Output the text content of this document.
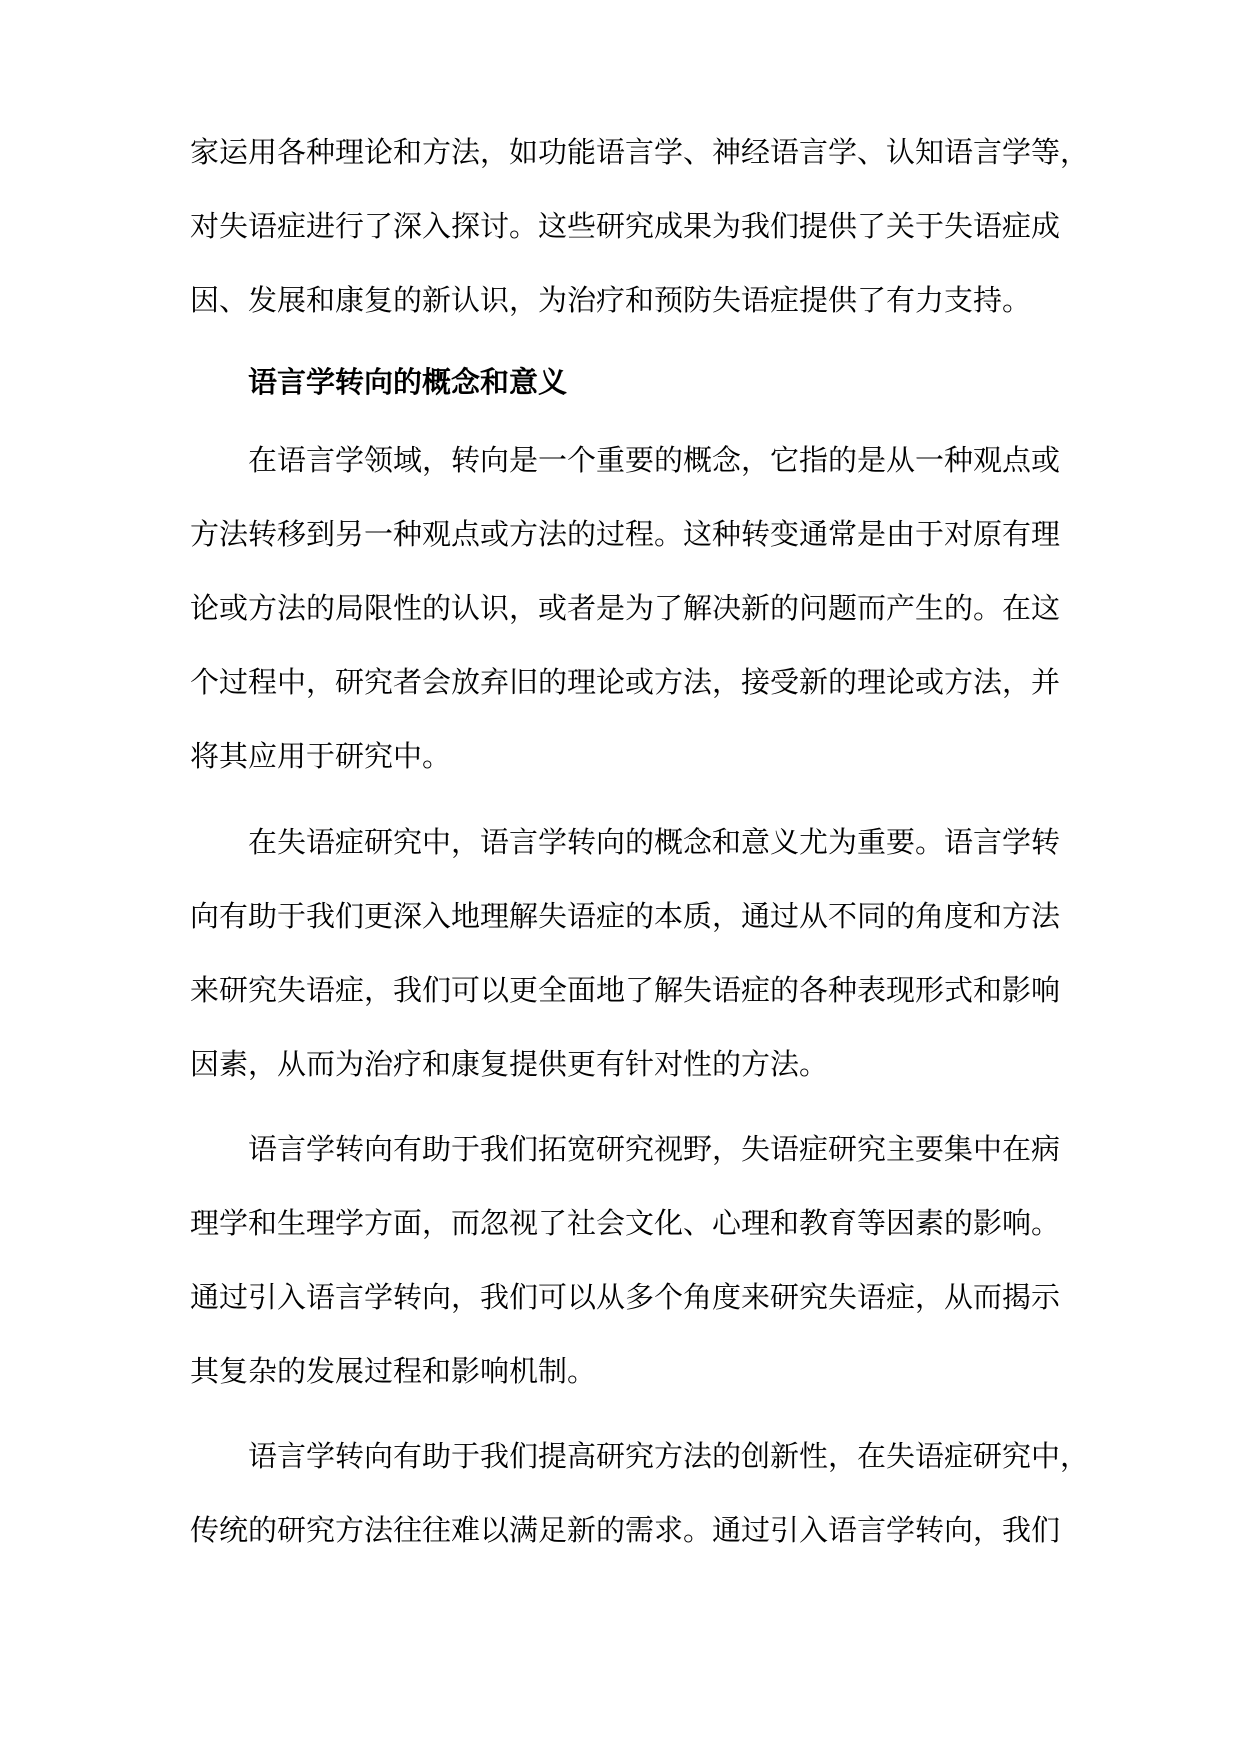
家运用各种理论和方法，如功能语言学、神经语言学、认知语言学等，
对失语症进行了深入探讨。这些研究成果为我们提供了关于失语症成
因、发展和康复的新认识，为治疗和预防失语症提供了有力支持。
语言学转向的概念和意义
在语言学领域，转向是一个重要的概念，它指的是从一种观点或
方法转移到另一种观点或方法的过程。这种转变通常是由于对原有理
论或方法的局限性的认识，或者是为了解决新的问题而产生的。在这
个过程中，研究者会放弃旧的理论或方法，接受新的理论或方法，并
将其应用于研究中。
在失语症研究中，语言学转向的概念和意义尤为重要。语言学转
向有助于我们更深入地理解失语症的本质，通过从不同的角度和方法
来研究失语症，我们可以更全面地了解失语症的各种表现形式和影响
因素，从而为治疗和康复提供更有针对性的方法。
语言学转向有助于我们拓宽研究视野，失语症研究主要集中在病
理学和生理学方面，而忽视了社会文化、心理和教育等因素的影响。
通过引入语言学转向，我们可以从多个角度来研究失语症，从而揭示
其复杂的发展过程和影响机制。
语言学转向有助于我们提高研究方法的创新性，在失语症研究中，
传统的研究方法往往难以满足新的需求。通过引入语言学转向，我们
